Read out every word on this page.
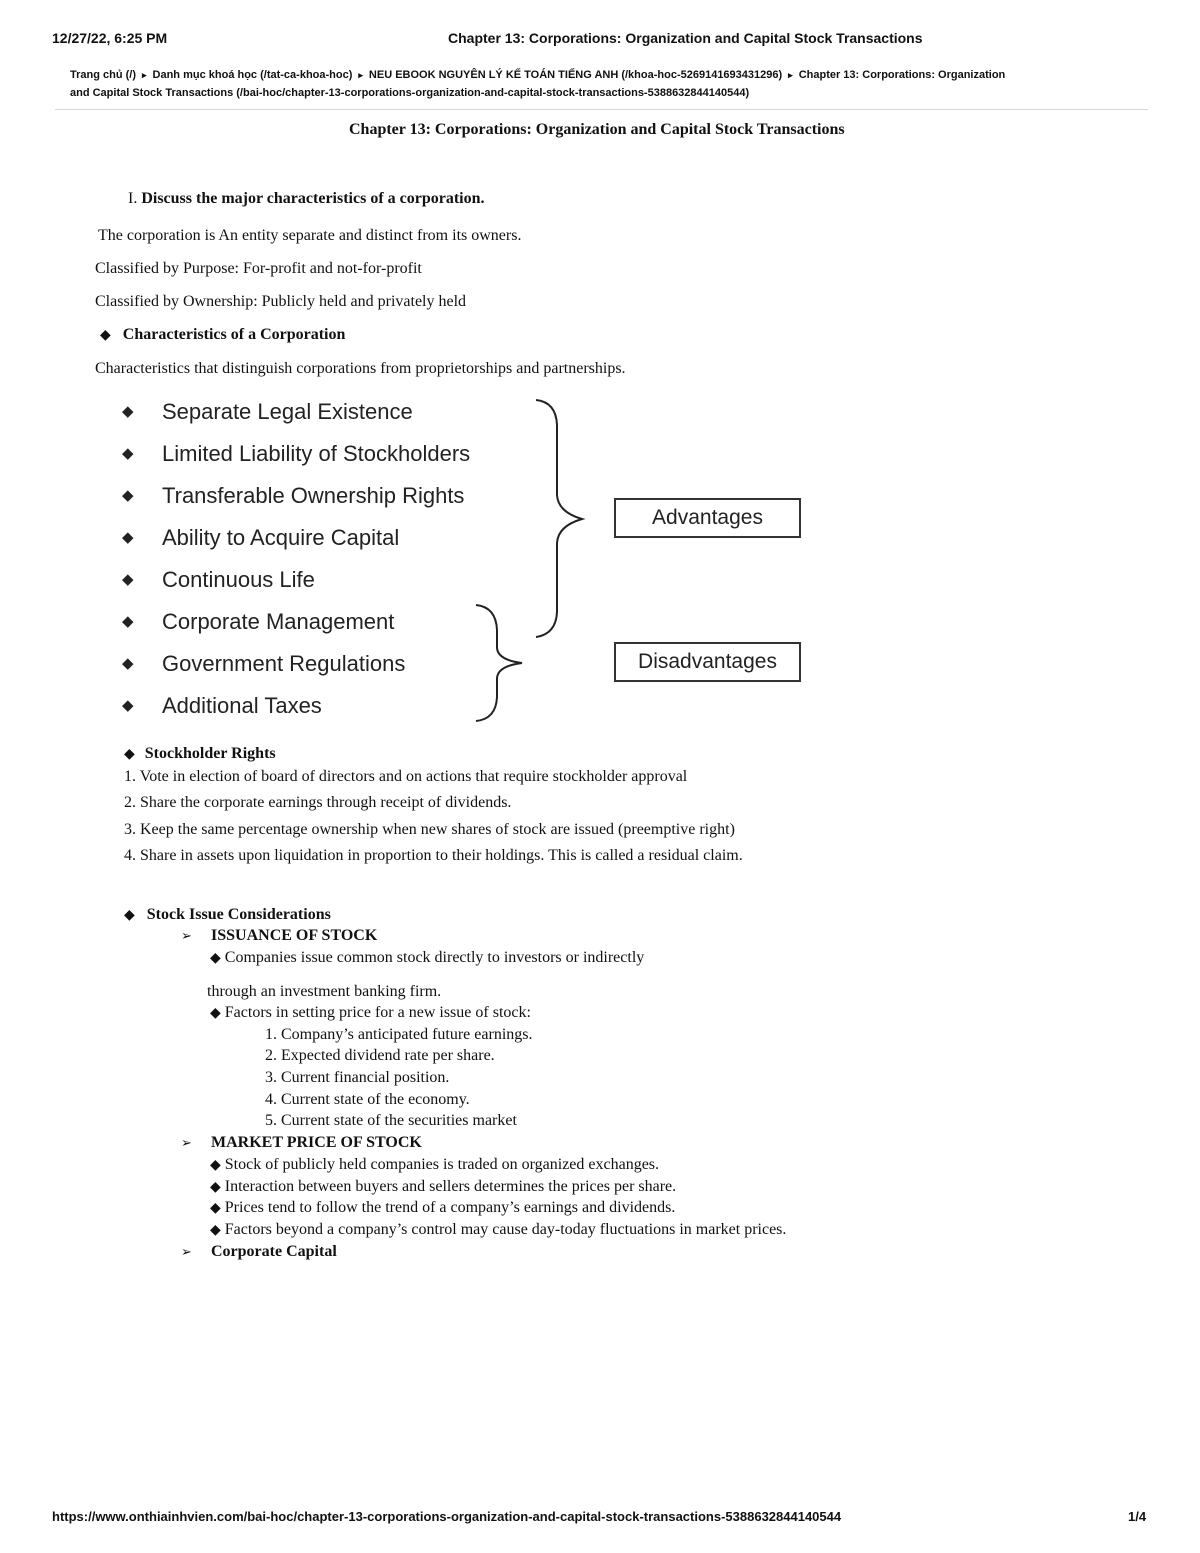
12/27/22, 6:25 PM	Chapter 13: Corporations: Organization and Capital Stock Transactions
Trang chủ (/) ▸ Danh mục khoá học (/tat-ca-khoa-hoc) ▸ NEU EBOOK NGUYÊN LÝ KẾ TOÁN TIẾNG ANH (/khoa-hoc-5269141693431296) ▸ Chapter 13: Corporations: Organization
and Capital Stock Transactions (/bai-hoc/chapter-13-corporations-organization-and-capital-stock-transactions-5388632844140544)
Chapter 13: Corporations: Organization and Capital Stock Transactions
I. Discuss the major characteristics of a corporation.
The corporation is An entity separate and distinct from its owners.
Classified by Purpose: For-profit and not-for-profit
Classified by Ownership: Publicly held and privately held
◆ Characteristics of a Corporation
Characteristics that distinguish corporations from proprietorships and partnerships.
◆ Separate Legal Existence
◆ Limited Liability of Stockholders
◆ Transferable Ownership Rights
◆ Ability to Acquire Capital
◆ Continuous Life
◆ Corporate Management
◆ Government Regulations
◆ Additional Taxes
Advantages
Disadvantages
◆ Stockholder Rights
1. Vote in election of board of directors and on actions that require stockholder approval
2. Share the corporate earnings through receipt of dividends.
3. Keep the same percentage ownership when new shares of stock are issued (preemptive right)
4. Share in assets upon liquidation in proportion to their holdings. This is called a residual claim.
◆ Stock Issue Considerations
➢ ISSUANCE OF STOCK
◆ Companies issue common stock directly to investors or indirectly
through an investment banking firm.
◆ Factors in setting price for a new issue of stock:
1. Company’s anticipated future earnings.
2. Expected dividend rate per share.
3. Current financial position.
4. Current state of the economy.
5. Current state of the securities market
➢ MARKET PRICE OF STOCK
◆ Stock of publicly held companies is traded on organized exchanges.
◆ Interaction between buyers and sellers determines the prices per share.
◆ Prices tend to follow the trend of a company’s earnings and dividends.
◆ Factors beyond a company’s control may cause day-today fluctuations in market prices.
➢ Corporate Capital
https://www.onthiainhvien.com/bai-hoc/chapter-13-corporations-organization-and-capital-stock-transactions-5388632844140544	1/4
